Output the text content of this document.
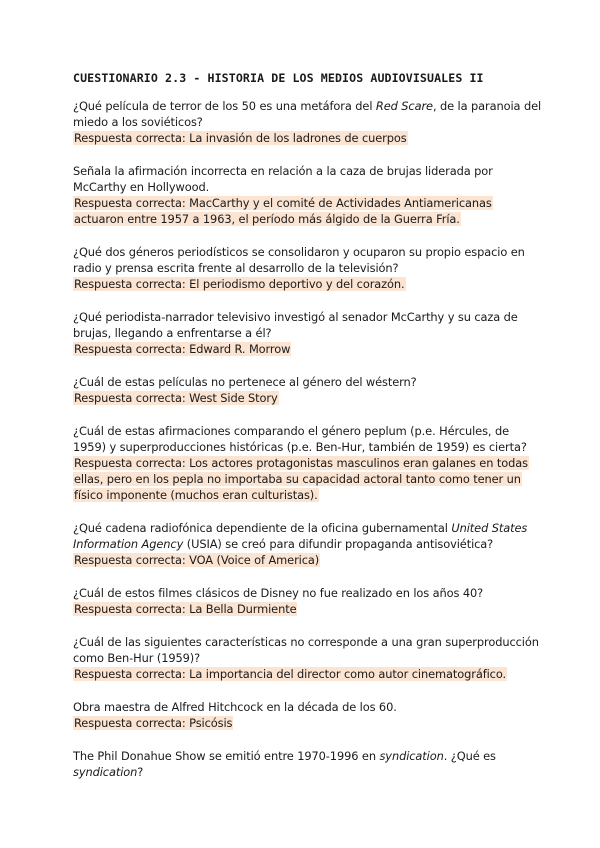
CUESTIONARIO 2.3 - HISTORIA DE LOS MEDIOS AUDIOVISUALES II
¿Qué película de terror de los 50 es una metáfora del Red Scare, de la paranoia del miedo a los soviéticos?
Respuesta correcta: La invasión de los ladrones de cuerpos
Señala la afirmación incorrecta en relación a la caza de brujas liderada por McCarthy en Hollywood.
Respuesta correcta: MacCarthy y el comité de Actividades Antiamericanas actuaron entre 1957 a 1963, el período más álgido de la Guerra Fría.
¿Qué dos géneros periodísticos se consolidaron y ocuparon su propio espacio en radio y prensa escrita frente al desarrollo de la televisión?
Respuesta correcta: El periodismo deportivo y del corazón.
¿Qué periodista-narrador televisivo investigó al senador McCarthy y su caza de brujas, llegando a enfrentarse a él?
Respuesta correcta: Edward R. Morrow
¿Cuál de estas películas no pertenece al género del wéstern?
Respuesta correcta: West Side Story
¿Cuál de estas afirmaciones comparando el género peplum (p.e. Hércules, de 1959) y superproducciones históricas (p.e. Ben-Hur, también de 1959) es cierta?
Respuesta correcta: Los actores protagonistas masculinos eran galanes en todas ellas, pero en los pepla no importaba su capacidad actoral tanto como tener un físico imponente (muchos eran culturistas).
¿Qué cadena radiofónica dependiente de la oficina gubernamental United States Information Agency (USIA) se creó para difundir propaganda antisoviética?
Respuesta correcta: VOA (Voice of America)
¿Cuál de estos filmes clásicos de Disney no fue realizado en los años 40?
Respuesta correcta: La Bella Durmiente
¿Cuál de las siguientes características no corresponde a una gran superproducción como Ben-Hur (1959)?
Respuesta correcta: La importancia del director como autor cinematográfico.
Obra maestra de Alfred Hitchcock en la década de los 60.
Respuesta correcta: Psicósis
The Phil Donahue Show se emitió entre 1970-1996 en syndication. ¿Qué es syndication?
